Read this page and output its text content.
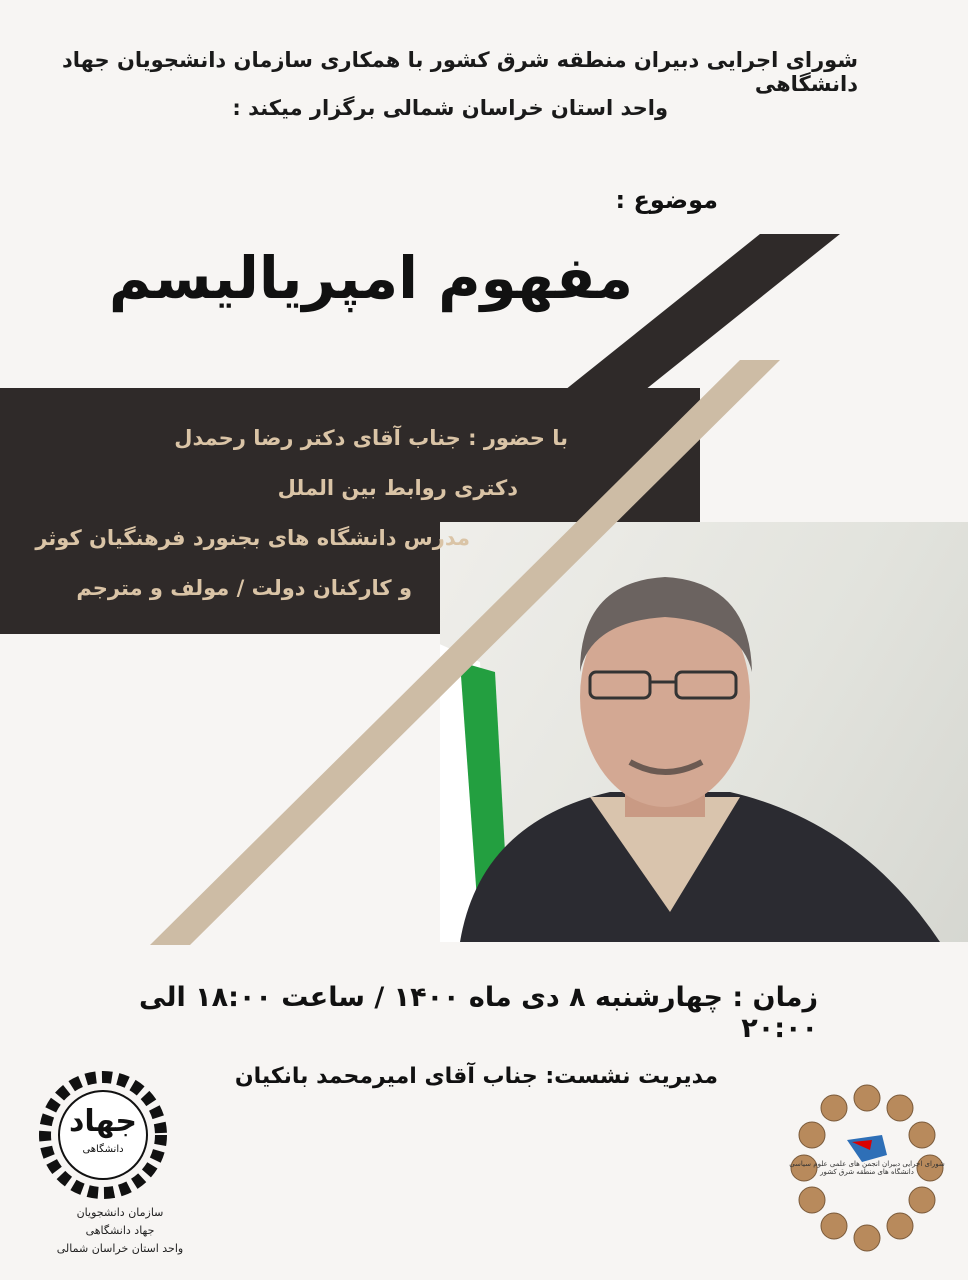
شورای اجرایی دبیران منطقه شرق کشور با همکاری سازمان دانشجویان جهاد دانشگاهی
واحد استان خراسان شمالی برگزار میکند :
موضوع :
مفهوم امپریالیسم
با حضور : جناب آقای دکتر رضا رحمدل
دکتری روابط بین الملل
مدرس دانشگاه های بجنورد فرهنگیان کوثر
و کارکنان دولت / مولف و مترجم
زمان : چهارشنبه ۸ دی ماه ۱۴۰۰ / ساعت ۱۸:۰۰ الی ۲۰:۰۰
مدیریت نشست: جناب آقای امیرمحمد بانکیان
جهاد
دانشگاهی
سازمان دانشجویان
جهاد دانشگاهی
واحد استان خراسان شمالی
شورای اجرایی دبیران انجمن های علمی علوم سیاسی دانشگاه های منطقه شرق کشور
